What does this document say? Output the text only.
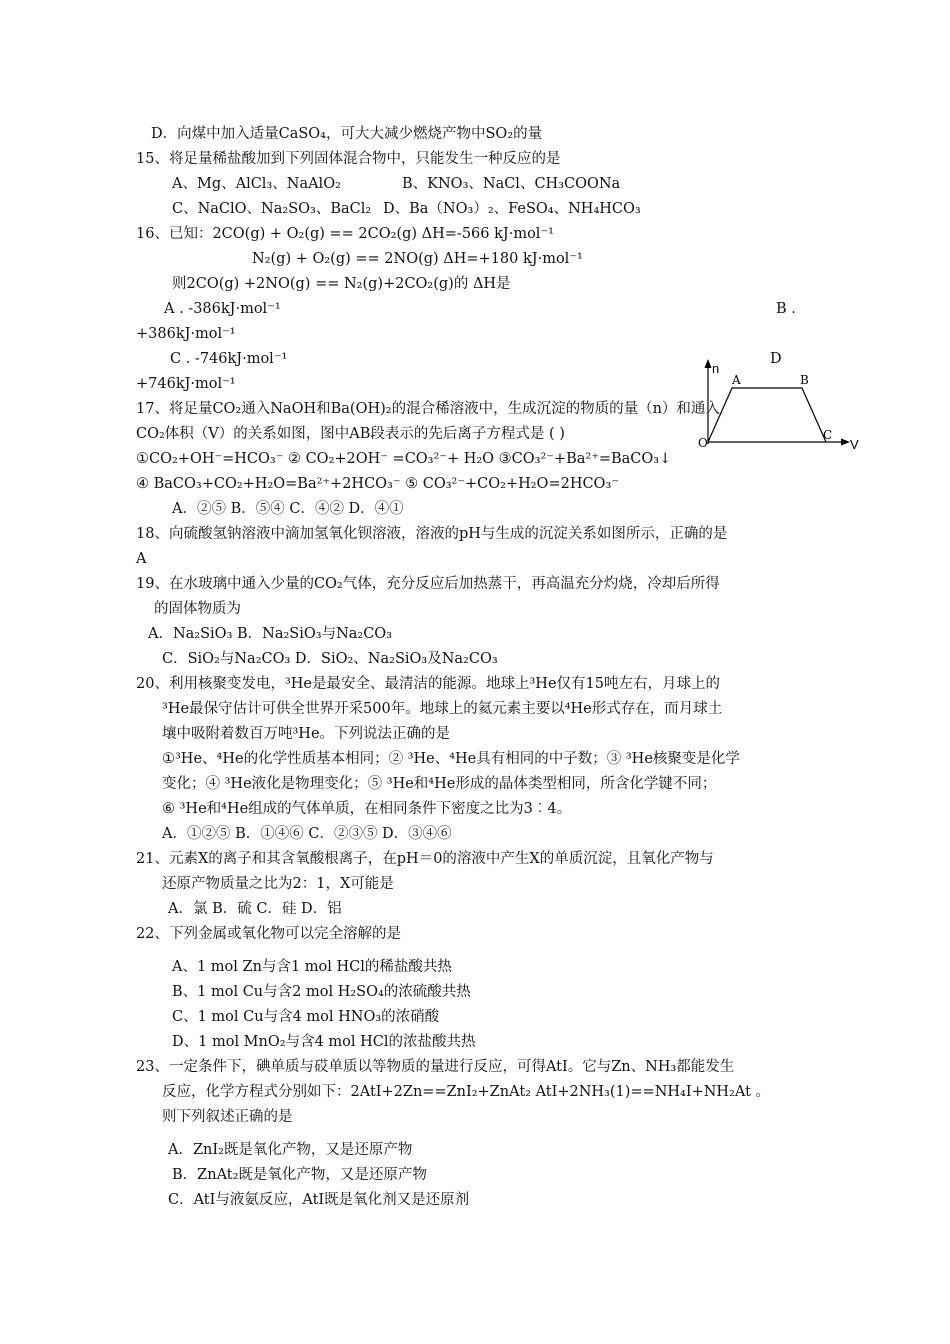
D．向煤中加入适量CaSO₄，可大大减少燃烧产物中SO₂的量
15、将足量稀盐酸加到下列固体混合物中，只能发生一种反应的是
A、Mg、AlCl₃、NaAlO₂	B、KNO₃、NaCl、CH₃COONa
C、NaClO、Na₂SO₃、BaCl₂ D、Ba（NO₃）₂、FeSO₄、NH₄HCO₃
16、已知：2CO(g) + O₂(g) == 2CO₂(g) ΔH=-566 kJ·mol⁻¹
N₂(g) + O₂(g) == 2NO(g) ΔH=+180 kJ·mol⁻¹
则2CO(g) +2NO(g) == N₂(g)+2CO₂(g)的 ΔH是
A . -386kJ·mol⁻¹	B .
+386kJ·mol⁻¹
C . -746kJ·mol⁻¹	D
+746kJ·mol⁻¹
17、将足量CO₂通入NaOH和Ba(OH)₂的混合稀溶液中，生成沉淀的物质的量（n）和通入
CO₂体积（V）的关系如图，图中AB段表示的先后离子方程式是 ( )
①CO₂+OH⁻=HCO₃⁻ ② CO₂+2OH⁻ =CO₃²⁻+ H₂O ③CO₃²⁻+Ba²⁺=BaCO₃↓
④ BaCO₃+CO₂+H₂O=Ba²⁺+2HCO₃⁻ ⑤ CO₃²⁻+CO₂+H₂O=2HCO₃⁻
A．②⑤ B．⑤④ C．④② D．④①
18、向硫酸氢钠溶液中滴加氢氧化钡溶液，溶液的pH与生成的沉淀关系如图所示，正确的是
A
19、在水玻璃中通入少量的CO₂气体，充分反应后加热蒸干，再高温充分灼烧，冷却后所得
的固体物质为
A．Na₂SiO₃ B．Na₂SiO₃与Na₂CO₃
C．SiO₂与Na₂CO₃ D．SiO₂、Na₂SiO₃及Na₂CO₃
20、利用核聚变发电，³He是最安全、最清洁的能源。地球上³He仅有15吨左右，月球上的
³He最保守估计可供全世界开采500年。地球上的氦元素主要以⁴He形式存在，而月球土
壤中吸附着数百万吨³He。下列说法正确的是
①³He、⁴He的化学性质基本相同；② ³He、⁴He具有相同的中子数；③ ³He核聚变是化学
变化；④ ³He液化是物理变化；⑤ ³He和⁴He形成的晶体类型相同，所含化学键不同；
⑥ ³He和⁴He组成的气体单质，在相同条件下密度之比为3︰4。
A．①②⑤ B．①④⑥ C．②③⑤ D．③④⑥
21、元素X的离子和其含氧酸根离子，在pH＝0的溶液中产生X的单质沉淀，且氧化产物与
还原产物质量之比为2：1，X可能是
A．氯 B．硫 C．硅 D．铝
22、下列金属或氧化物可以完全溶解的是
A、1 mol Zn与含1 mol HCl的稀盐酸共热
B、1 mol Cu与含2 mol H₂SO₄的浓硫酸共热
C、1 mol Cu与含4 mol HNO₃的浓硝酸
D、1 mol MnO₂与含4 mol HCl的浓盐酸共热
23、一定条件下，碘单质与砹单质以等物质的量进行反应，可得AtI。它与Zn、NH₃都能发生
反应，化学方程式分别如下：2AtI+2Zn==ZnI₂+ZnAt₂ AtI+2NH₃(1)==NH₄I+NH₂At 。
则下列叙述正确的是
A．ZnI₂既是氧化产物，又是还原产物
B．ZnAt₂既是氧化产物，又是还原产物
C．AtI与液氨反应，AtI既是氧化剂又是还原剂
n
V
O
A	B
C
